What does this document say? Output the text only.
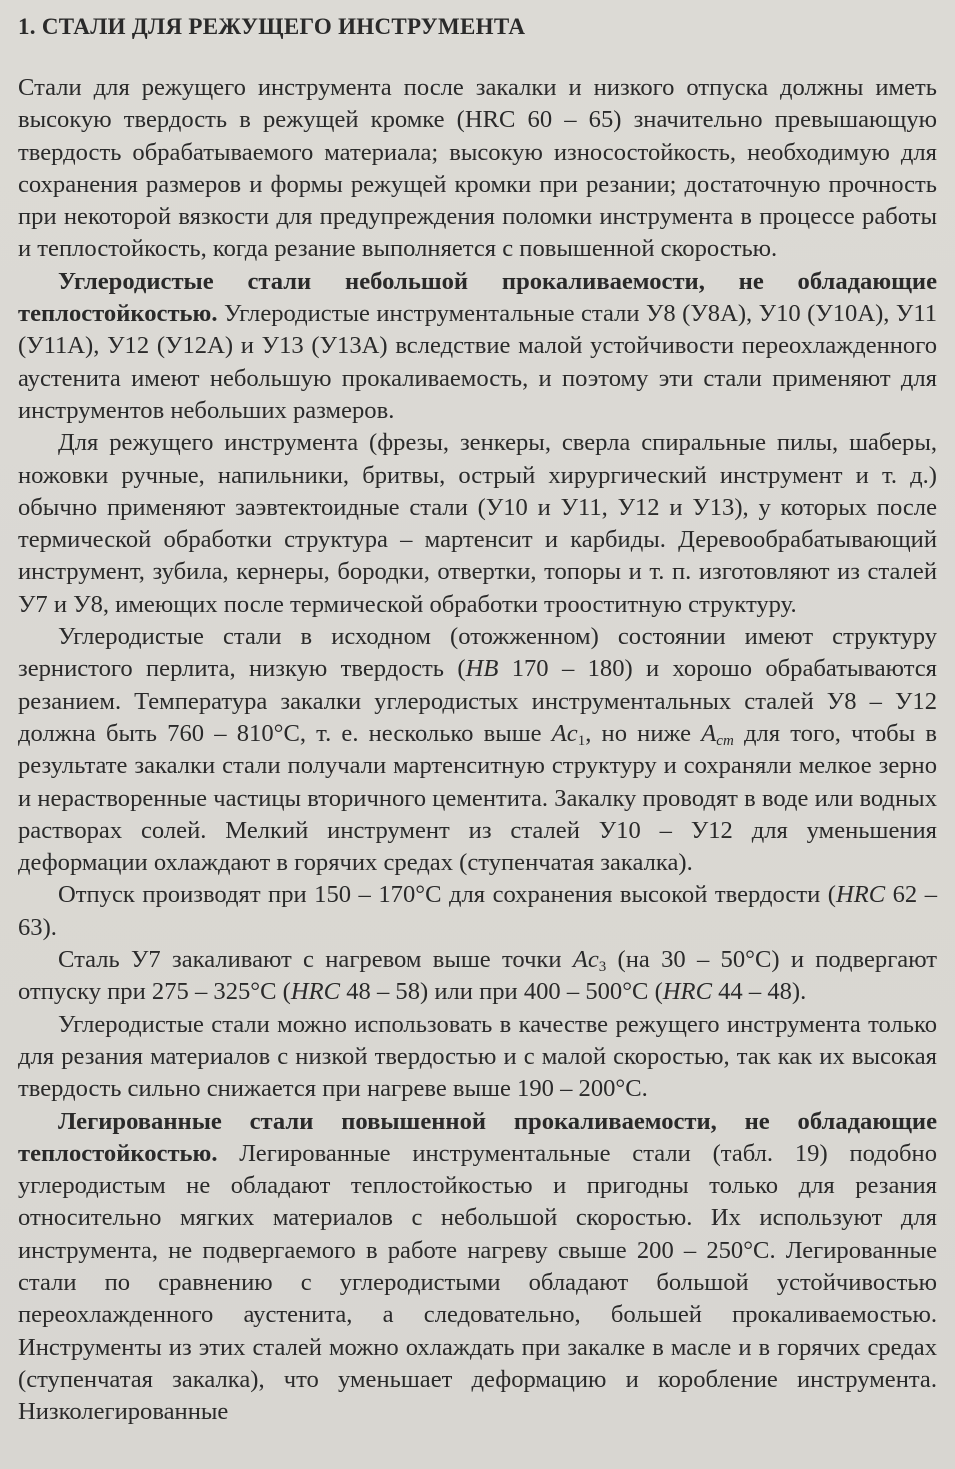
1. СТАЛИ ДЛЯ РЕЖУЩЕГО ИНСТРУМЕНТА

Стали для режущего инструмента после закалки и низкого отпуска должны иметь высокую твердость в режущей кромке (HRC 60 – 65) значительно превышающую твердость обрабатываемого материала; высокую износостойкость, необходимую для сохранения размеров и формы режущей кромки при резании; достаточную прочность при некоторой вязкости для предупреждения поломки инструмента в процессе работы и теплостойкость, когда резание выполняется с повышенной скоростью.

Углеродистые стали небольшой прокаливаемости, не обладающие теплостойкостью. Углеродистые инструментальные стали У8 (У8А), У10 (У10А), У11 (У11А), У12 (У12А) и У13 (У13А) вследствие малой устойчивости переохлажденного аустенита имеют небольшую прокаливаемость, и поэтому эти стали применяют для инструментов небольших размеров.

Для режущего инструмента (фрезы, зенкеры, сверла спиральные пилы, шаберы, ножовки ручные, напильники, бритвы, острый хирургический инструмент и т. д.) обычно применяют заэвтектоидные стали (У10 и У11, У12 и У13), у которых после термической обработки структура – мартенсит и карбиды. Деревообрабатывающий инструмент, зубила, кернеры, бородки, отвертки, топоры и т. п. изготовляют из сталей У7 и У8, имеющих после термической обработки трооститную структуру.

Углеродистые стали в исходном (отожженном) состоянии имеют структуру зернистого перлита, низкую твердость (HB 170 – 180) и хорошо обрабатываются резанием. Температура закалки углеродистых инструментальных сталей У8 – У12 должна быть 760 – 810°С, т. е. несколько выше $Ac_1$, но ниже $A_{cm}$ для того, чтобы в результате закалки стали получали мартенситную структуру и сохраняли мелкое зерно и нерастворенные частицы вторичного цементита. Закалку проводят в воде или водных растворах солей. Мелкий инструмент из сталей У10 – У12 для уменьшения деформации охлаждают в горячих средах (ступенчатая закалка).

Отпуск производят при 150 – 170°С для сохранения высокой твердости (HRC 62 – 63).

Сталь У7 закаливают с нагревом выше точки $Ac_3$ (на 30 – 50°С) и подвергают отпуску при 275 – 325°С (HRC 48 – 58) или при 400 – 500°С (HRC 44 – 48).

Углеродистые стали можно использовать в качестве режущего инструмента только для резания материалов с низкой твердостью и с малой скоростью, так как их высокая твердость сильно снижается при нагреве выше 190 – 200°С.

Легированные стали повышенной прокаливаемости, не обладающие теплостойкостью. Легированные инструментальные стали (табл. 19) подобно углеродистым не обладают теплостойкостью и пригодны только для резания относительно мягких материалов с небольшой скоростью. Их используют для инструмента, не подвергаемого в работе нагреву свыше 200 – 250°С. Легированные стали по сравнению с углеродистыми обладают большой устойчивостью переохлажденного аустенита, а следовательно, большей прокаливаемостью. Инструменты из этих сталей можно охлаждать при закалке в масле и в горячих средах (ступенчатая закалка), что уменьшает деформацию и коробление инструмента. Низколегированные
